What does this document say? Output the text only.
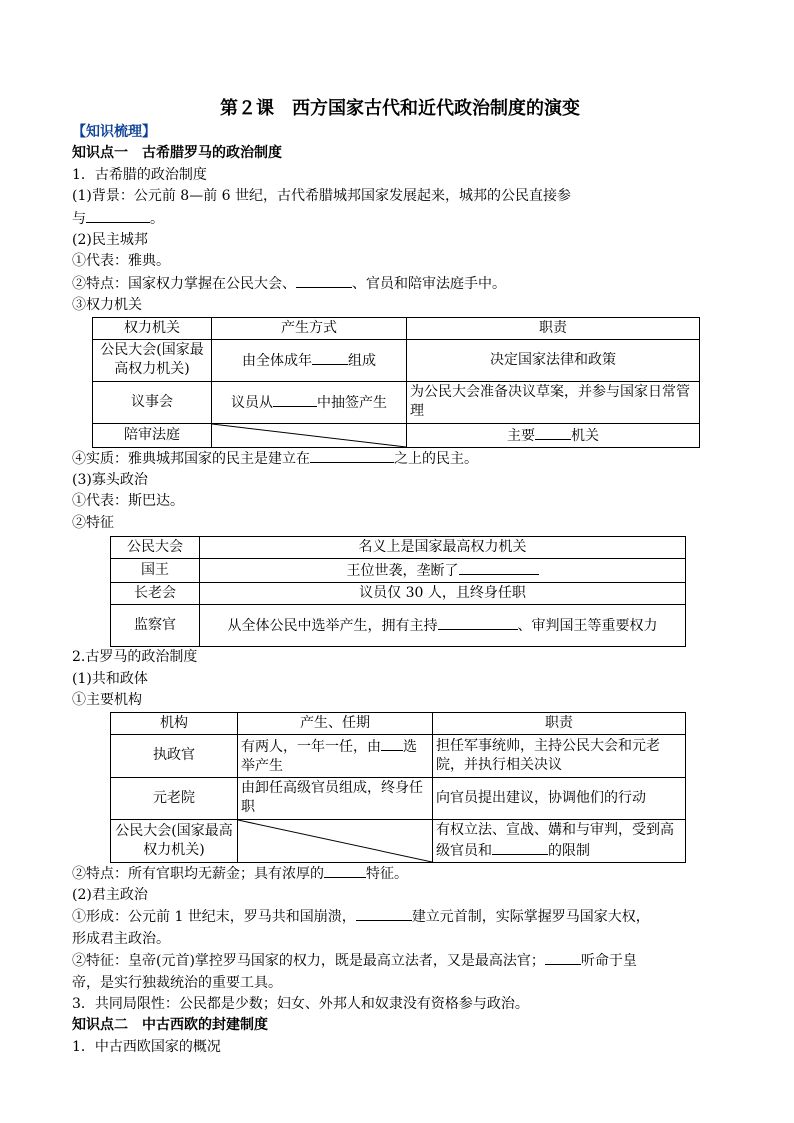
第２课　西方国家古代和近代政治制度的演变

【知识梳理】

知识点一　古希腊罗马的政治制度

1．古希腊的政治制度

(1)背景：公元前 8—前 6 世纪，古代希腊城邦国家发展起来，城邦的公民直接参

与	。

(2)民主城邦

①代表：雅典。

②特点：国家权力掌握在公民大会、	、官员和陪审法庭手中。

③权力机关

权力机关	产生方式	职责
公民大会(国家最高权力机关)	由全体成年 组成	决定国家法律和政策
议事会	议员从 中抽签产生	为公民大会准备决议草案，并参与国家日常管理
陪审法庭		主要 机关

④实质：雅典城邦国家的民主是建立在	之上的民主。

(3)寡头政治

①代表：斯巴达。

②特征

公民大会	名义上是国家最高权力机关
国王	王位世袭，垄断了
长老会	议员仅 30 人，且终身任职
监察官	从全体公民中选举产生，拥有主持 、审判国王等重要权力

2.古罗马的政治制度

(1)共和政体

①主要机构

机构	产生、任期	职责
执政官	有两人，一年一任，由 选举产生	担任军事统帅，主持公民大会和元老院，并执行相关决议
元老院	由卸任高级官员组成，终身任职	向官员提出建议，协调他们的行动
公民大会(国家最高权力机关)		有权立法、宣战、媾和与审判，受到高级官员和 的限制

②特点：所有官职均无薪金；具有浓厚的	特征。

(2)君主政治

①形成：公元前 1 世纪末，罗马共和国崩溃，	建立元首制，实际掌握罗马国家大权，

形成君主政治。

②特征：皇帝(元首)掌控罗马国家的权力，既是最高立法者，又是最高法官；	听命于皇

帝，是实行独裁统治的重要工具。

3．共同局限性：公民都是少数；妇女、外邦人和奴隶没有资格参与政治。

知识点二　中古西欧的封建制度

1．中古西欧国家的概况
